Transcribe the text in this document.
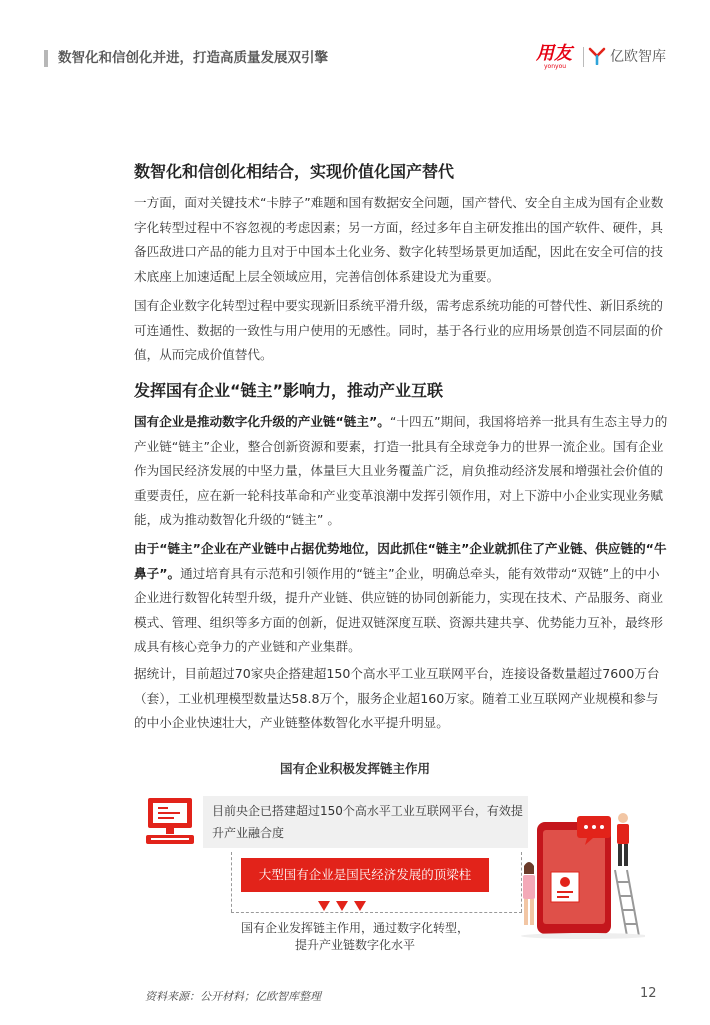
数智化和信创化并进，打造高质量发展双引擎	用友
yonyou
亿欧智库
数智化和信创化相结合，实现价值化国产替代

一方面，面对关键技术“卡脖子”难题和国有数据安全问题，国产替代、安全自主成为国有企业数字化转型过程中不容忽视的考虑因素；另一方面，经过多年自主研发推出的国产软件、硬件，具备匹敌进口产品的能力且对于中国本土化业务、数字化转型场景更加适配，因此在安全可信的技术底座上加速适配上层全领域应用，完善信创体系建设尤为重要。

国有企业数字化转型过程中要实现新旧系统平滑升级，需考虑系统功能的可替代性、新旧系统的可连通性、数据的一致性与用户使用的无感性。同时，基于各行业的应用场景创造不同层面的价值，从而完成价值替代。

发挥国有企业“链主”影响力，推动产业互联

国有企业是推动数字化升级的产业链“链主”。“十四五”期间，我国将培养一批具有生态主导力的产业链“链主”企业，整合创新资源和要素，打造一批具有全球竞争力的世界一流企业。国有企业作为国民经济发展的中坚力量，体量巨大且业务覆盖广泛，肩负推动经济发展和增强社会价值的重要责任，应在新一轮科技革命和产业变革浪潮中发挥引领作用，对上下游中小企业实现业务赋能，成为推动数智化升级的“链主” 。

由于“链主”企业在产业链中占据优势地位，因此抓住“链主”企业就抓住了产业链、供应链的“牛鼻子”。通过培育具有示范和引领作用的“链主”企业，明确总牵头，能有效带动“双链”上的中小企业进行数智化转型升级，提升产业链、供应链的协同创新能力，实现在技术、产品服务、商业模式、管理、组织等多方面的创新，促进双链深度互联、资源共建共享、优势能力互补，最终形成具有核心竞争力的产业链和产业集群。

据统计，目前超过70家央企搭建超150个高水平工业互联网平台，连接设备数量超过7600万台（套），工业机理模型数量达58.8万个，服务企业超160万家。随着工业互联网产业规模和参与的中小企业快速壮大，产业链整体数智化水平提升明显。

国有企业积极发挥链主作用

目前央企已搭建超过150个高水平工业互联网平台，有效提升产业融合度

大型国有企业是国民经济发展的顶梁柱
国有企业发挥链主作用，通过数字化转型，提升产业链数字化水平
资料来源：公开材料；亿欧智库整理	12
